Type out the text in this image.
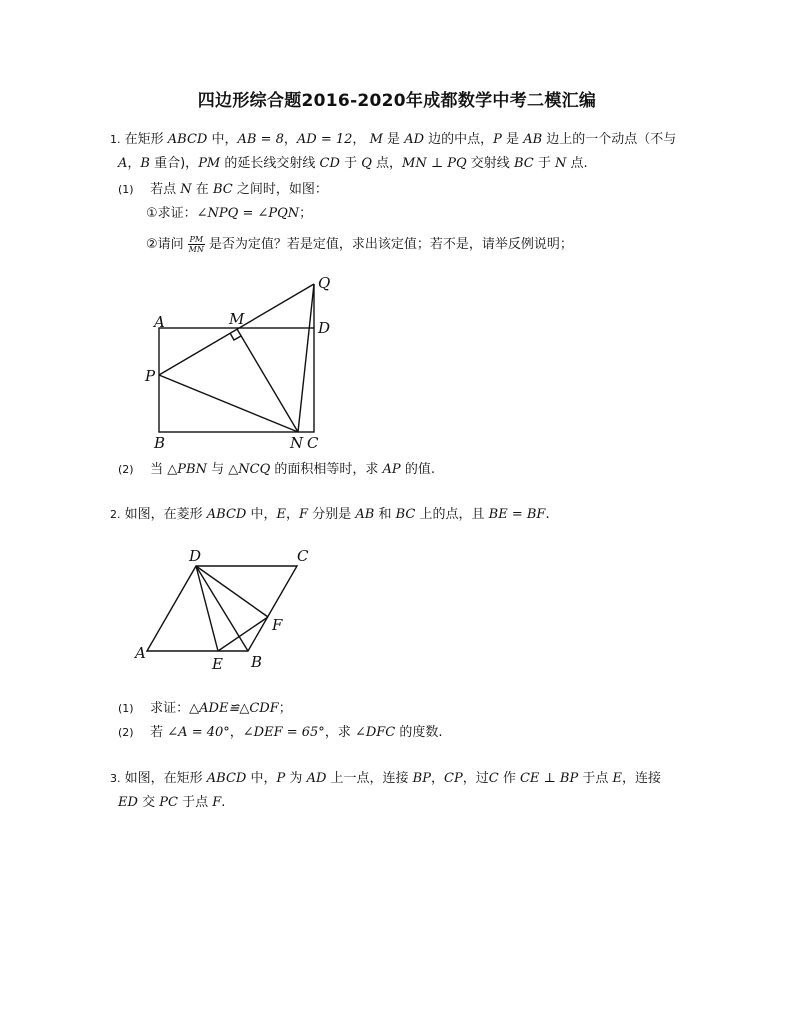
四边形综合题2016-2020年成都数学中考二模汇编
1. 在矩形 ABCD 中，AB = 8，AD = 12， M 是 AD 边的中点，P 是 AB 边上的一个动点（不与
A，B 重合)，PM 的延长线交射线 CD 于 Q 点，MN ⊥ PQ 交射线 BC 于 N 点.
(1) 若点 N 在 BC 之间时，如图：
①求证：∠NPQ = ∠PQN；
②请问 $\frac{PM}{MN}$ 是否为定值？若是定值，求出该定值；若不是，请举反例说明；
A	M	D
Q
P
B	N C
(2) 当 △PBN 与 △NCQ 的面积相等时，求 AP 的值.
2. 如图，在菱形 ABCD 中，E，F 分别是 AB 和 BC 上的点，且 BE = BF.
D	C
A
E B
F
(1) 求证：△ADE≌△CDF；
(2) 若 ∠A = 40°，∠DEF = 65°，求 ∠DFC 的度数.
3. 如图，在矩形 ABCD 中，P 为 AD 上一点，连接 BP，CP，过C 作 CE ⊥ BP 于点 E，连接
ED 交 PC 于点 F.
